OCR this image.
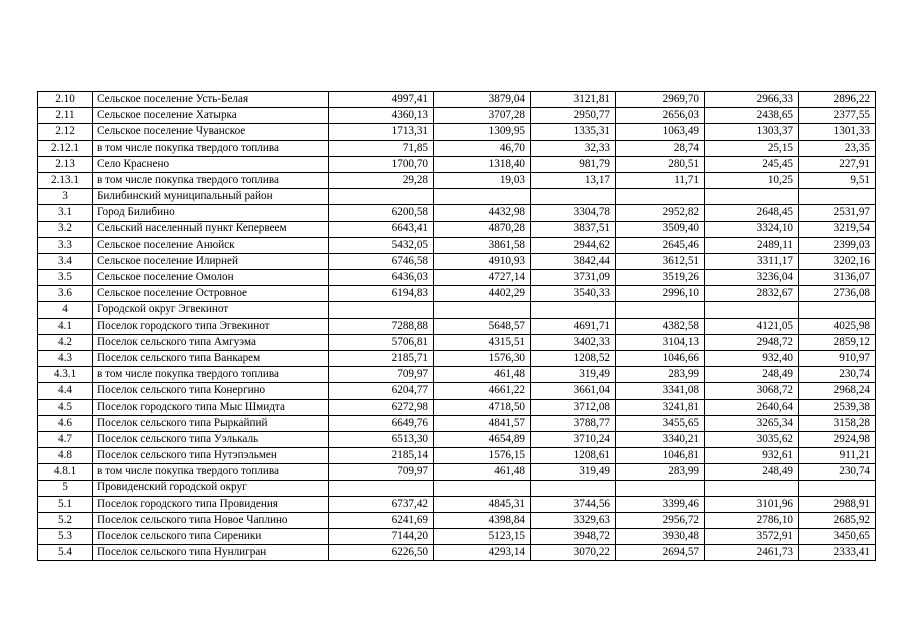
2.10	Сельское поселение Усть-Белая	4997,41	3879,04	3121,81	2969,70	2966,33	2896,22
2.11	Сельское поселение Хатырка	4360,13	3707,28	2950,77	2656,03	2438,65	2377,55
2.12	Сельское поселение Чуванское	1713,31	1309,95	1335,31	1063,49	1303,37	1301,33
2.12.1	в том числе покупка твердого топлива	71,85	46,70	32,33	28,74	25,15	23,35
2.13	Село Краснено	1700,70	1318,40	981,79	280,51	245,45	227,91
2.13.1	в том числе покупка твердого топлива	29,28	19,03	13,17	11,71	10,25	9,51
3	Билибинский муниципальный район						
3.1	Город Билибино	6200,58	4432,98	3304,78	2952,82	2648,45	2531,97
3.2	Сельский населенный пункт Кепервеем	6643,41	4870,28	3837,51	3509,40	3324,10	3219,54
3.3	Сельское поселение Анюйск	5432,05	3861,58	2944,62	2645,46	2489,11	2399,03
3.4	Сельское поселение Илирней	6746,58	4910,93	3842,44	3612,51	3311,17	3202,16
3.5	Сельское поселение Омолон	6436,03	4727,14	3731,09	3519,26	3236,04	3136,07
3.6	Сельское поселение Островное	6194,83	4402,29	3540,33	2996,10	2832,67	2736,08
4	Городской округ Эгвекинот						
4.1	Поселок городского типа Эгвекинот	7288,88	5648,57	4691,71	4382,58	4121,05	4025,98
4.2	Поселок сельского типа Амгуэма	5706,81	4315,51	3402,33	3104,13	2948,72	2859,12
4.3	Поселок сельского типа Ванкарем	2185,71	1576,30	1208,52	1046,66	932,40	910,97
4.3.1	в том числе покупка твердого топлива	709,97	461,48	319,49	283,99	248,49	230,74
4.4	Поселок сельского типа Конергино	6204,77	4661,22	3661,04	3341,08	3068,72	2968,24
4.5	Поселок городского типа Мыс Шмидта	6272,98	4718,50	3712,08	3241,81	2640,64	2539,38
4.6	Поселок сельского типа Рыркайпий	6649,76	4841,57	3788,77	3455,65	3265,34	3158,28
4.7	Поселок сельского типа Уэлькаль	6513,30	4654,89	3710,24	3340,21	3035,62	2924,98
4.8	Поселок сельского типа Нутэпэльмен	2185,14	1576,15	1208,61	1046,81	932,61	911,21
4.8.1	в том числе покупка твердого топлива	709,97	461,48	319,49	283,99	248,49	230,74
5	Провиденский городской округ						
5.1	Поселок городского типа Провидения	6737,42	4845,31	3744,56	3399,46	3101,96	2988,91
5.2	Поселок сельского типа Новое Чаплино	6241,69	4398,84	3329,63	2956,72	2786,10	2685,92
5.3	Поселок сельского типа Сиреники	7144,20	5123,15	3948,72	3930,48	3572,91	3450,65
5.4	Поселок сельского типа Нунлигран	6226,50	4293,14	3070,22	2694,57	2461,73	2333,41
